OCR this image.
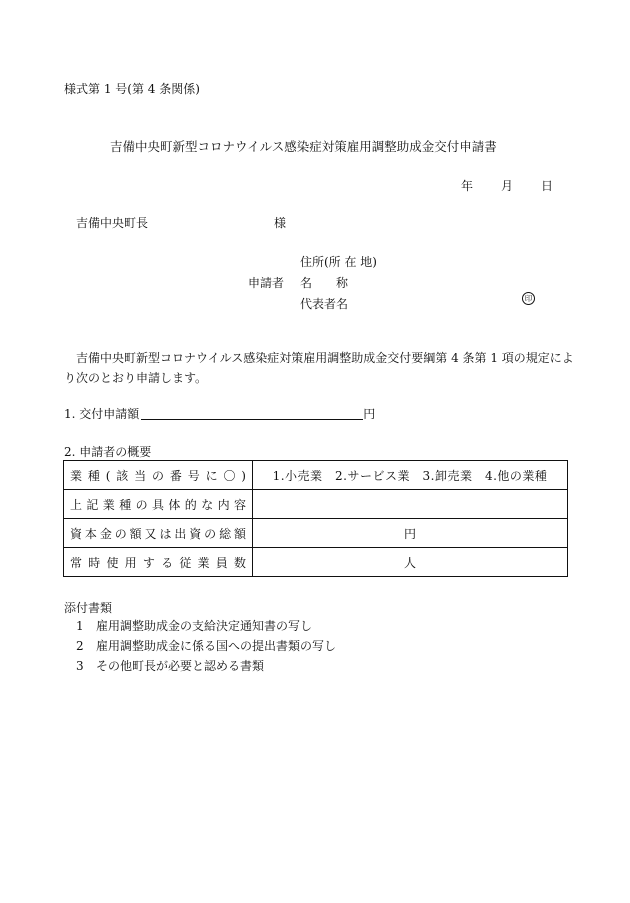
様式第 1 号(第 4 条関係)
吉備中央町新型コロナウイルス感染症対策雇用調整助成金交付申請書
年 月 日
吉備中央町長	様
住所(所 在 地)
申請者 名　　称
代表者名	印
吉備中央町新型コロナウイルス感染症対策雇用調整助成金交付要綱第 4 条第 1 項の規定により次のとおり申請します。
1. 交付申請額	円
2. 申請者の概要
業種(該当の番号に〇)	1.小売業　2.サービス業　3.卸売業　4.他の業種
上記業種の具体的な内容	
資本金の額又は出資の総額	円
常時使用する従業員数	人
添付書類
1 雇用調整助成金の支給決定通知書の写し
2 雇用調整助成金に係る国への提出書類の写し
3 その他町長が必要と認める書類
